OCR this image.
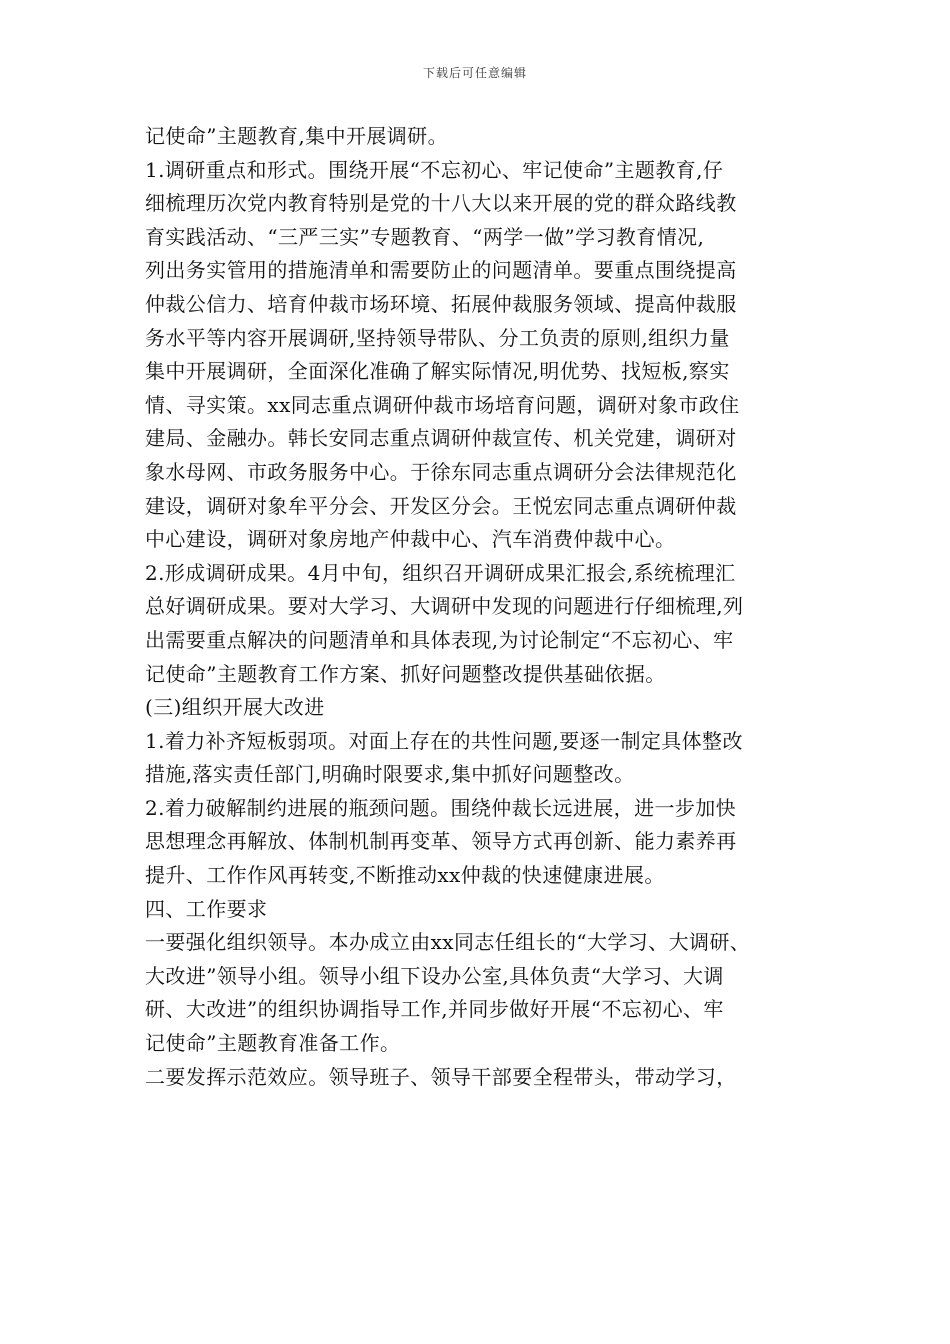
下载后可任意编辑
记使命”主题教育,集中开展调研。
1.调研重点和形式。围绕开展“不忘初心、牢记使命”主题教育,仔
细梳理历次党内教育特别是党的十八大以来开展的党的群众路线教
育实践活动、“三严三实”专题教育、“两学一做”学习教育情况,
列出务实管用的措施清单和需要防止的问题清单。要重点围绕提高
仲裁公信力、培育仲裁市场环境、拓展仲裁服务领域、提高仲裁服
务水平等内容开展调研,坚持领导带队、分工负责的原则,组织力量
集中开展调研，全面深化准确了解实际情况,明优势、找短板,察实
情、寻实策。xx同志重点调研仲裁市场培育问题，调研对象市政住
建局、金融办。韩长安同志重点调研仲裁宣传、机关党建，调研对
象水母网、市政务服务中心。于徐东同志重点调研分会法律规范化
建设，调研对象牟平分会、开发区分会。王悦宏同志重点调研仲裁
中心建设，调研对象房地产仲裁中心、汽车消费仲裁中心。
2.形成调研成果。4月中旬，组织召开调研成果汇报会,系统梳理汇
总好调研成果。要对大学习、大调研中发现的问题进行仔细梳理,列
出需要重点解决的问题清单和具体表现,为讨论制定“不忘初心、牢
记使命”主题教育工作方案、抓好问题整改提供基础依据。
(三)组织开展大改进
1.着力补齐短板弱项。对面上存在的共性问题,要逐一制定具体整改
措施,落实责任部门,明确时限要求,集中抓好问题整改。
2.着力破解制约进展的瓶颈问题。围绕仲裁长远进展，进一步加快
思想理念再解放、体制机制再变革、领导方式再创新、能力素养再
提升、工作作风再转变,不断推动xx仲裁的快速健康进展。
四、工作要求
一要强化组织领导。本办成立由xx同志任组长的“大学习、大调研、
大改进”领导小组。领导小组下设办公室,具体负责“大学习、大调
研、大改进”的组织协调指导工作,并同步做好开展“不忘初心、牢
记使命”主题教育准备工作。
二要发挥示范效应。领导班子、领导干部要全程带头，带动学习，
